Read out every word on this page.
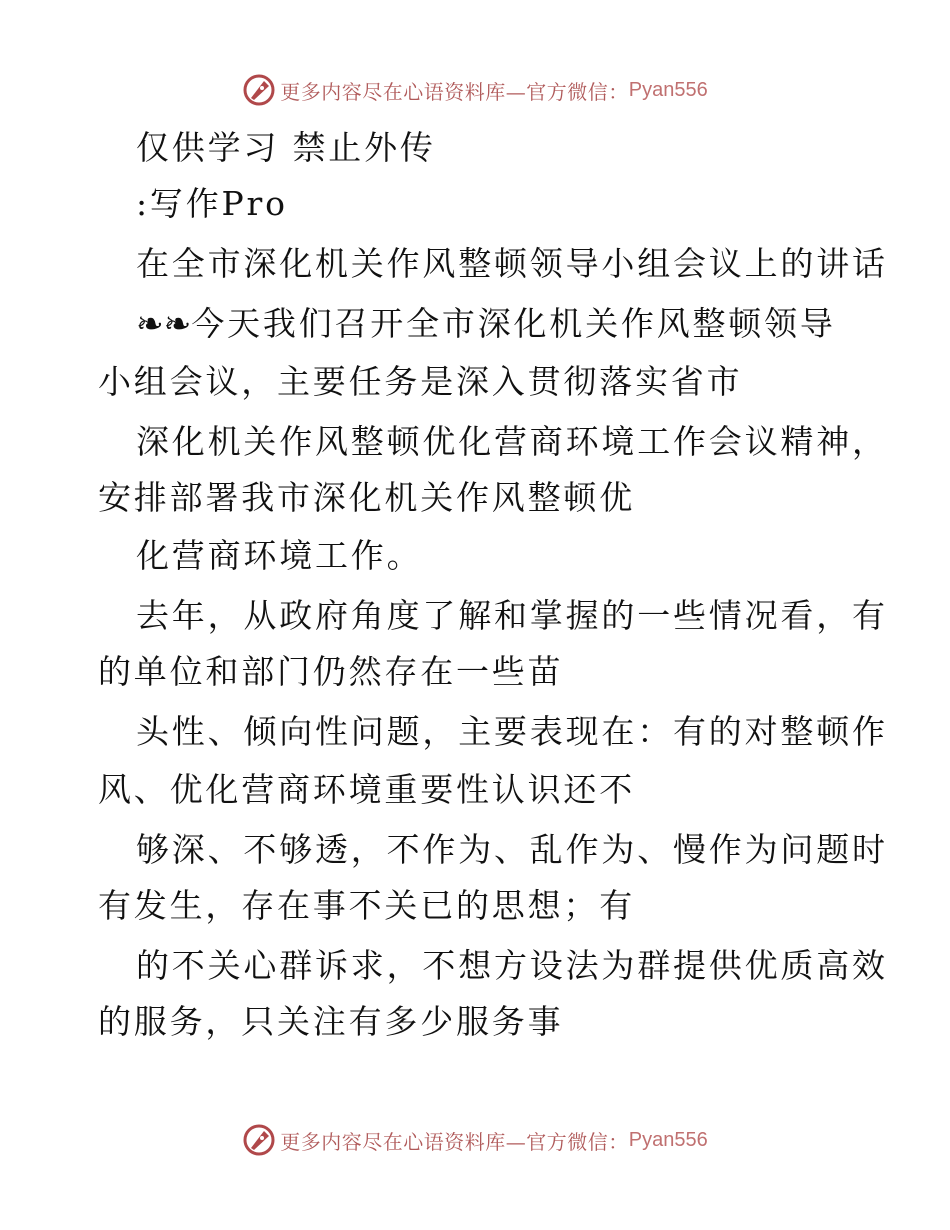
更多内容尽在心语资料库—官方微信： Pyan556
仅供学习 禁止外传
:写作Pro
在全市深化机关作风整顿领导小组会议上的讲话
❧❧今天我们召开全市深化机关作风整顿领导
小组会议，主要任务是深入贯彻落实省市
深化机关作风整顿优化营商环境工作会议精神，
安排部署我市深化机关作风整顿优
化营商环境工作。
去年，从政府角度了解和掌握的一些情况看，有
的单位和部门仍然存在一些苗
头性、倾向性问题，主要表现在：有的对整顿作
风、优化营商环境重要性认识还不
够深、不够透，不作为、乱作为、慢作为问题时
有发生，存在事不关已的思想；有
的不关心群诉求，不想方设法为群提供优质高效
的服务，只关注有多少服务事
更多内容尽在心语资料库—官方微信： Pyan556
